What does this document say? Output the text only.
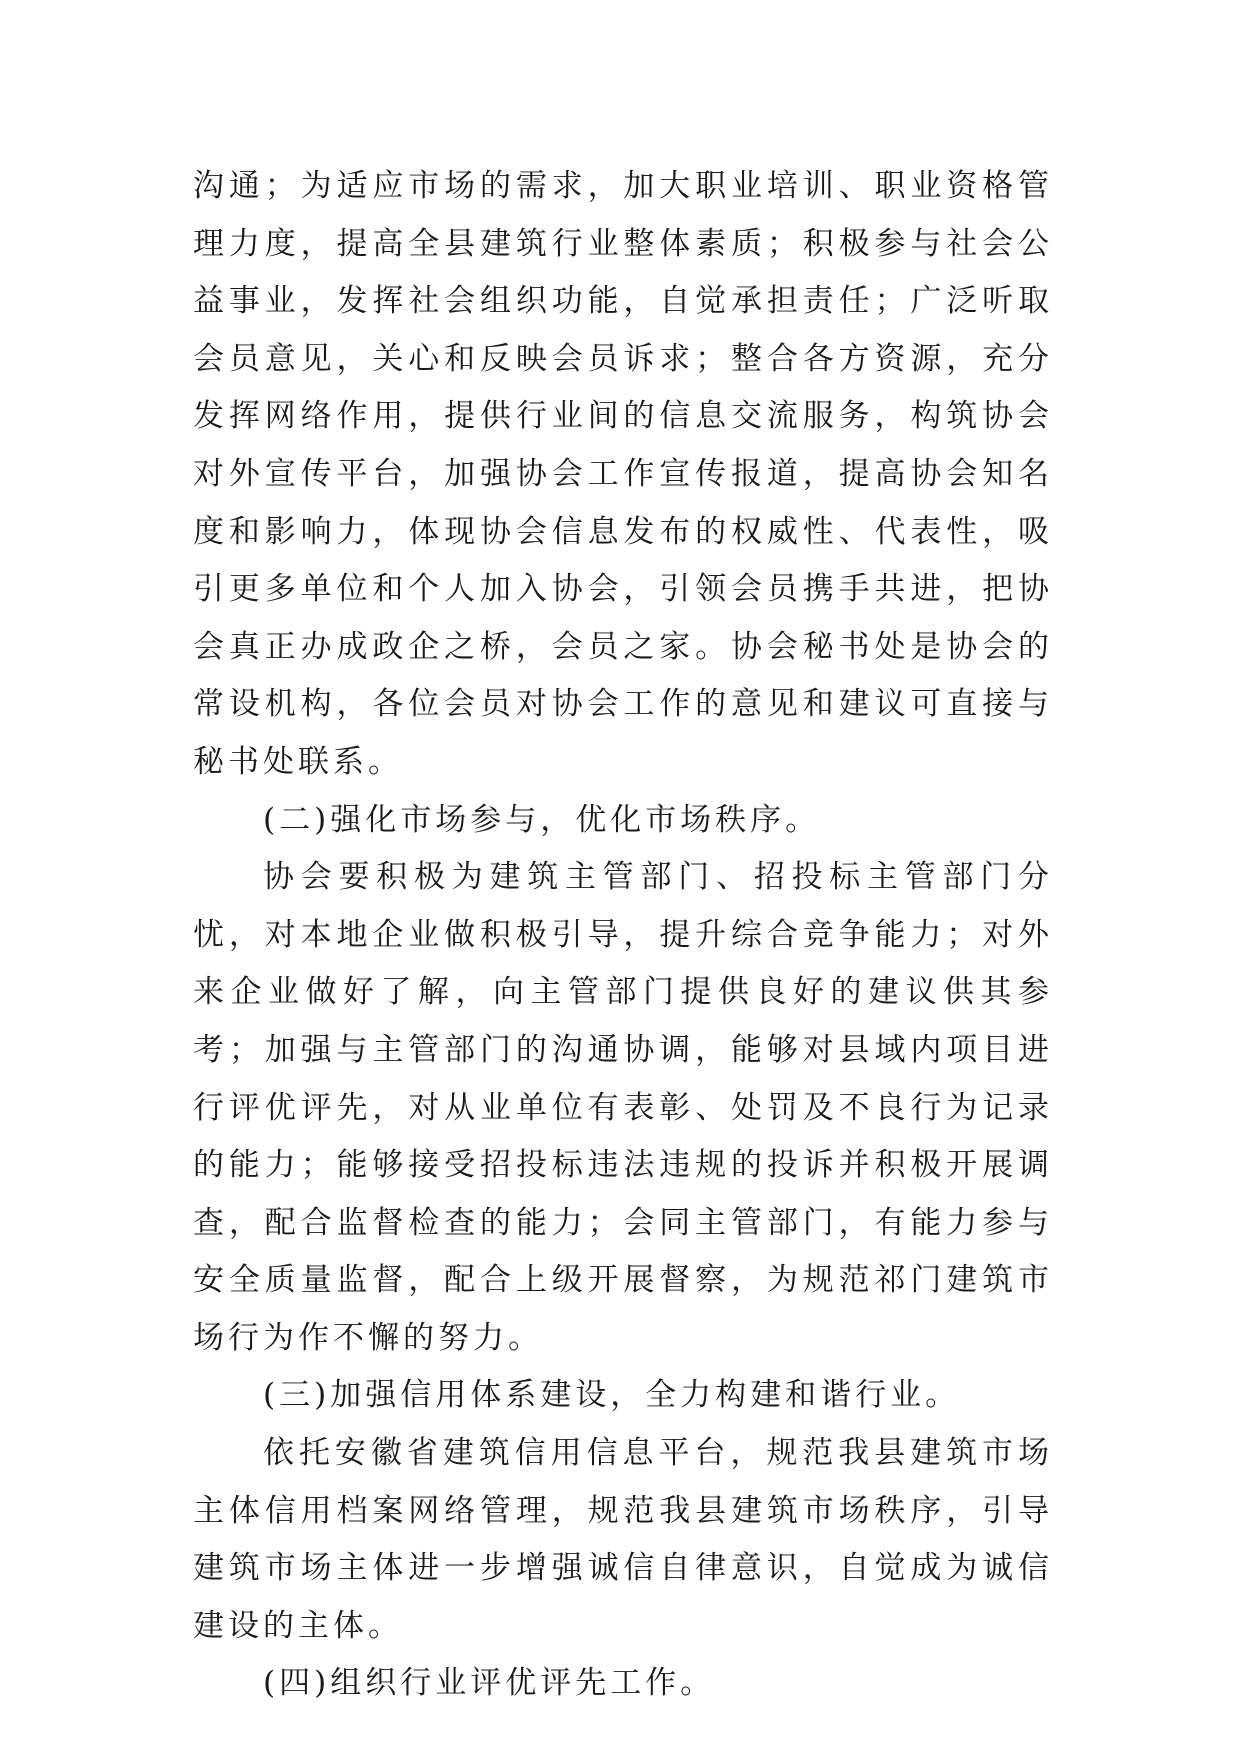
沟通；为适应市场的需求，加大职业培训、职业资格管理力度，提高全县建筑行业整体素质；积极参与社会公益事业，发挥社会组织功能，自觉承担责任；广泛听取会员意见，关心和反映会员诉求；整合各方资源，充分发挥网络作用，提供行业间的信息交流服务，构筑协会对外宣传平台，加强协会工作宣传报道，提高协会知名度和影响力，体现协会信息发布的权威性、代表性，吸引更多单位和个人加入协会，引领会员携手共进，把协会真正办成政企之桥，会员之家。协会秘书处是协会的常设机构，各位会员对协会工作的意见和建议可直接与秘书处联系。

(二)强化市场参与，优化市场秩序。

协会要积极为建筑主管部门、招投标主管部门分忧，对本地企业做积极引导，提升综合竞争能力；对外来企业做好了解，向主管部门提供良好的建议供其参考；加强与主管部门的沟通协调，能够对县域内项目进行评优评先，对从业单位有表彰、处罚及不良行为记录的能力；能够接受招投标违法违规的投诉并积极开展调查，配合监督检查的能力；会同主管部门，有能力参与安全质量监督，配合上级开展督察，为规范祁门建筑市场行为作不懈的努力。

(三)加强信用体系建设，全力构建和谐行业。

依托安徽省建筑信用信息平台，规范我县建筑市场主体信用档案网络管理，规范我县建筑市场秩序，引导建筑市场主体进一步增强诚信自律意识，自觉成为诚信建设的主体。

(四)组织行业评优评先工作。
